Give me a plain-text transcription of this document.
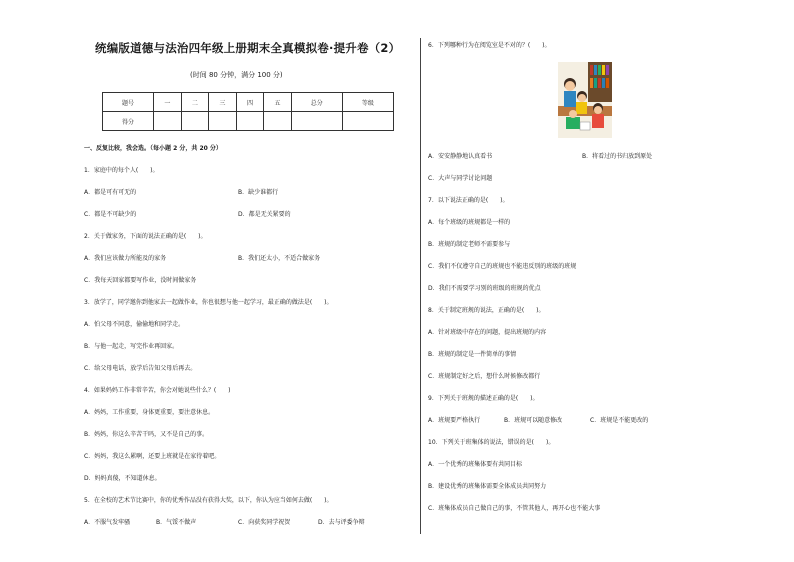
统编版道德与法治四年级上册期末全真模拟卷·提升卷（2）
(时间 80 分钟，满分 100 分)
题号	一	二	三	四	五	总分	等级
得分							
一、反复比较，我会选。（每小题 2 分，共 20 分）
1．家庭中的每个人(　　)。
A．都是可有可无的	B．缺少谁都行
C．都是不可缺少的	D．都是无关紧要的
2．关于做家务，下面的说法正确的是(　　)。
A．我们应该做力所能及的家务	B．我们还太小，不适合做家务
C．我每天回家都要写作业，没时间做家务
3．放学了，同学邀你到他家去一起做作业，你也很想与他一起学习，最正确的做法是(　　)。
A．怕父母不同意，偷偷地和同学走。
B．与他一起走，写完作业再回家。
C．给父母电话，放学后告知父母后再去。
4．如果妈妈工作非常辛苦，你会对她说些什么？(　　)
A．妈妈，工作重要，身体更重要，要注意休息。
B．妈妈，你这么辛苦干吗，又不是自己的事。
C．妈妈，我这么累啊，还要上班就是在家待着吧。
D．妈妈真傻，不知道休息。
5．在全校的艺术节比赛中，你的优秀作品没有获得大奖，以下，你认为应当如何去做(　　)。
A．不服气发牢骚	B．气馁不做声	C．向获奖同学祝贺	D．去与评委争辩
6．下列哪种行为在阅览室是不对的？(　　)。
A．安安静静地认真看书	B．将看过的书归放到原处
C．大声与同学讨论问题
7．以下说法正确的是(　　)。
A．每个班级的班规都是一样的
B．班规的制定老师不需要参与
C．我们不仅遵守自己的班规也不能违反别的班级的班规
D．我们不需要学习别的班级的班规的优点
8．关于制定班规的说法，正确的是(　　)。
A．针对班级中存在的问题，提出班规的内容
B．班规的制定是一件简单的事情
C．班规制定好之后，想什么时候修改都行
9．下列关于班规的描述正确的是(　　)。
A．班规要严格执行	B．班规可以随意修改	C．班规是不能更改的
10．下列关于班集体的说法，错误的是(　　)。
A．一个优秀的班集体要有共同目标
B．建设优秀的班集体需要全体成员共同努力
C．班集体成员自己做自己的事，不管其他人，再开心也不能大事
